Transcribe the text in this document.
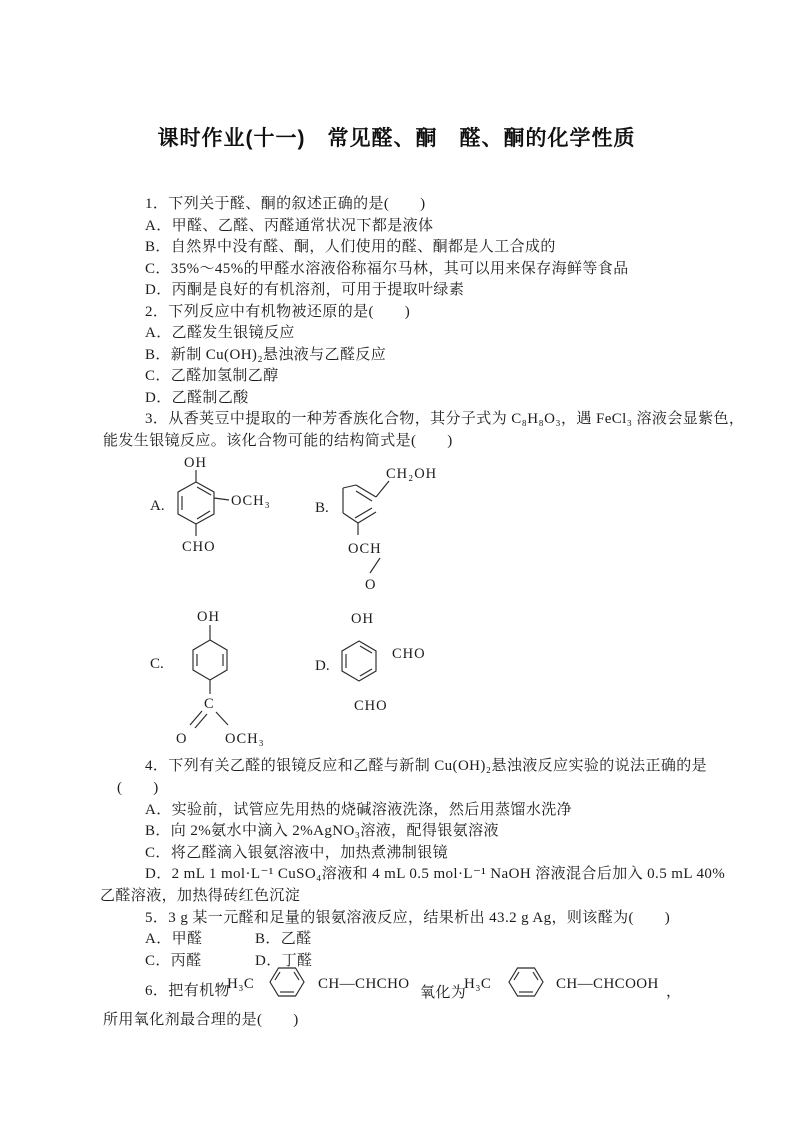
课时作业(十一)　常见醛、酮　醛、酮的化学性质
1．下列关于醛、酮的叙述正确的是(　　)
A．甲醛、乙醛、丙醛通常状况下都是液体
B．自然界中没有醛、酮，人们使用的醛、酮都是人工合成的
C．35%～45%的甲醛水溶液俗称福尔马林，其可以用来保存海鲜等食品
D．丙酮是良好的有机溶剂，可用于提取叶绿素
2．下列反应中有机物被还原的是(　　)
A．乙醛发生银镜反应
B．新制 Cu(OH)₂悬浊液与乙醛反应
C．乙醛加氢制乙醇
D．乙醛制乙酸
3．从香荚豆中提取的一种芳香族化合物，其分子式为 C₈H₈O₃，遇 FeCl₃ 溶液会显紫色，
能发生银镜反应。该化合物可能的结构简式是(　　)
A.
OH
OCH₃
CHO
B.
CH₂OH
OCH
O
C.
OH
C
O	OCH₃
D.
OH
CHO
CHO
4．下列有关乙醛的银镜反应和乙醛与新制 Cu(OH)₂悬浊液反应实验的说法正确的是
(　　)
A．实验前，试管应先用热的烧碱溶液洗涤，然后用蒸馏水洗净
B．向 2%氨水中滴入 2%AgNO₃溶液，配得银氨溶液
C．将乙醛滴入银氨溶液中，加热煮沸制银镜
D．2 mL 1 mol·L⁻¹ CuSO₄溶液和 4 mL 0.5 mol·L⁻¹ NaOH 溶液混合后加入 0.5 mL 40%
乙醛溶液，加热得砖红色沉淀
5．3 g 某一元醛和足量的银氨溶液反应，结果析出 43.2 g Ag，则该醛为(　　)
A．甲醛	B．乙醛
C．丙醛	D．丁醛
6．把有机物
H₃C	CH—CHCHO
氧化为
H₃C	CH—CHCOOH ，
所用氧化剂最合理的是(　　)
